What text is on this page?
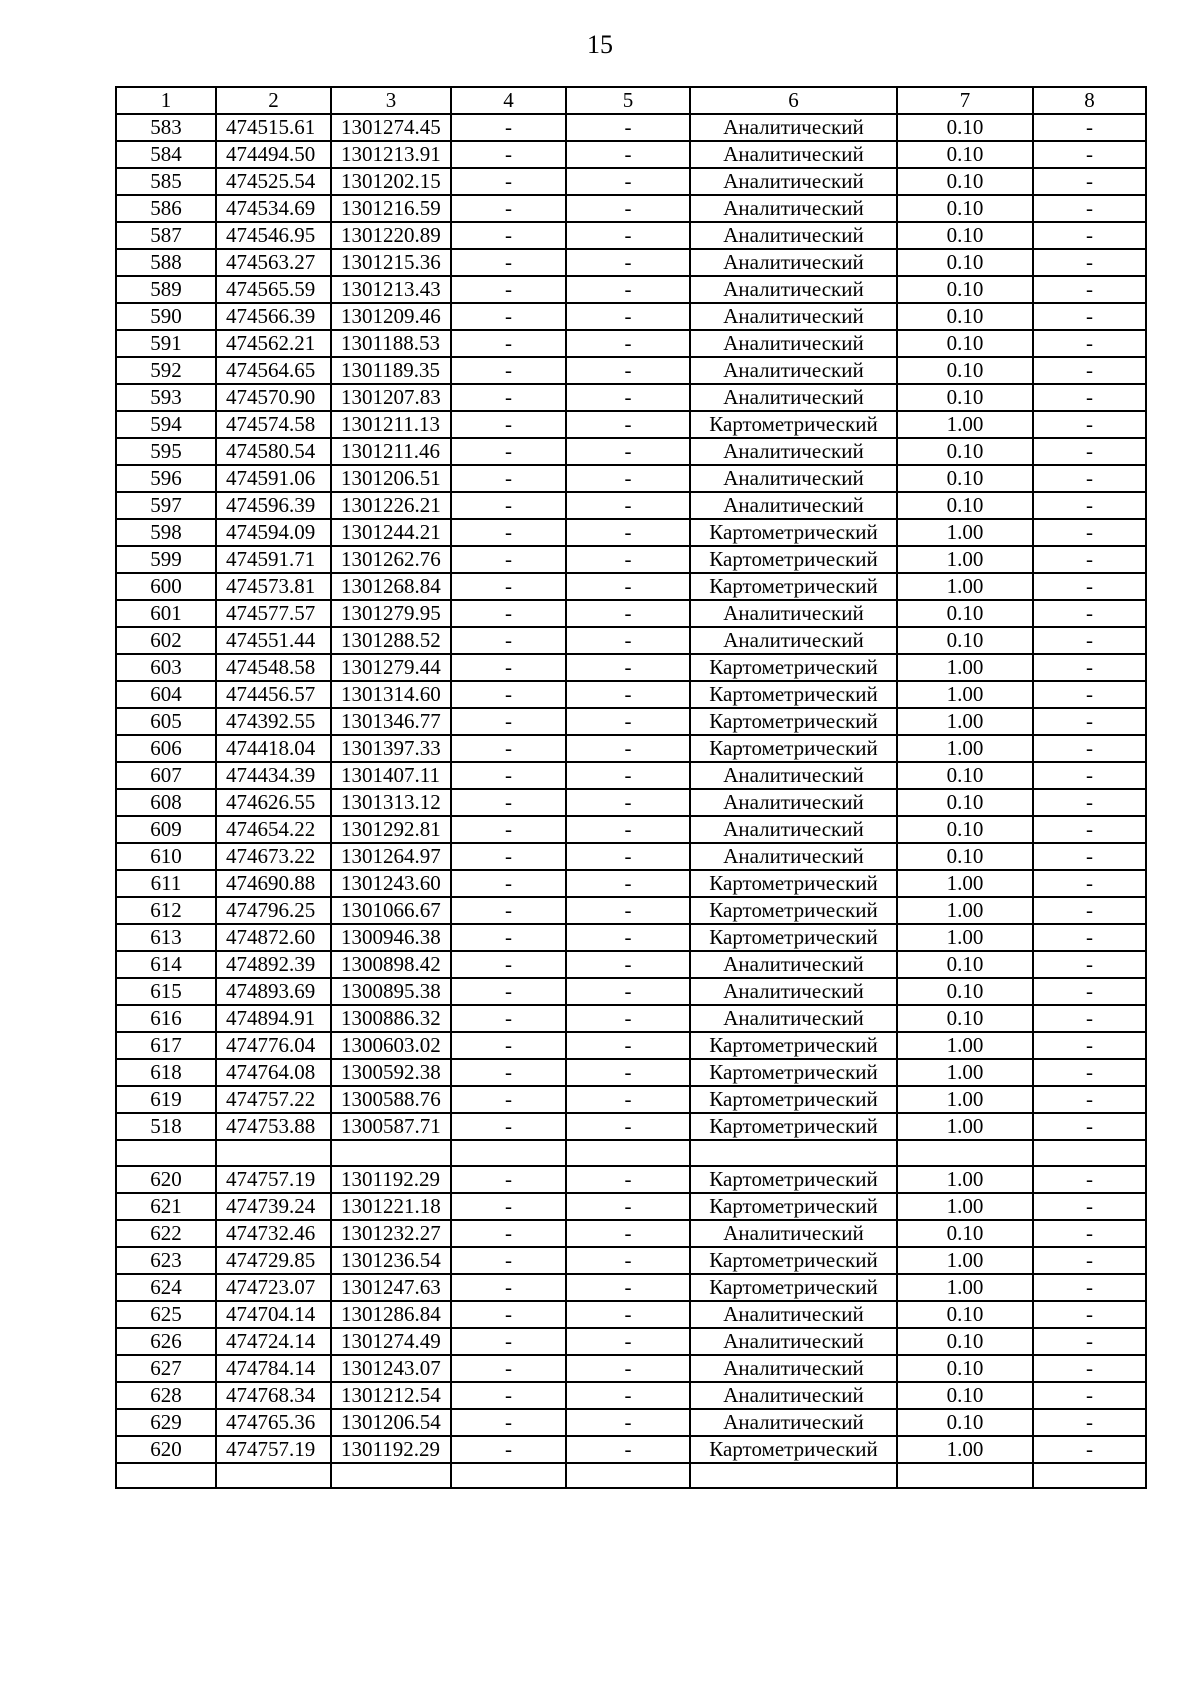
15
1	2	3	4	5	6	7	8
583	474515.61	1301274.45	-	-	Аналитический	0.10	-
584	474494.50	1301213.91	-	-	Аналитический	0.10	-
585	474525.54	1301202.15	-	-	Аналитический	0.10	-
586	474534.69	1301216.59	-	-	Аналитический	0.10	-
587	474546.95	1301220.89	-	-	Аналитический	0.10	-
588	474563.27	1301215.36	-	-	Аналитический	0.10	-
589	474565.59	1301213.43	-	-	Аналитический	0.10	-
590	474566.39	1301209.46	-	-	Аналитический	0.10	-
591	474562.21	1301188.53	-	-	Аналитический	0.10	-
592	474564.65	1301189.35	-	-	Аналитический	0.10	-
593	474570.90	1301207.83	-	-	Аналитический	0.10	-
594	474574.58	1301211.13	-	-	Картометрический	1.00	-
595	474580.54	1301211.46	-	-	Аналитический	0.10	-
596	474591.06	1301206.51	-	-	Аналитический	0.10	-
597	474596.39	1301226.21	-	-	Аналитический	0.10	-
598	474594.09	1301244.21	-	-	Картометрический	1.00	-
599	474591.71	1301262.76	-	-	Картометрический	1.00	-
600	474573.81	1301268.84	-	-	Картометрический	1.00	-
601	474577.57	1301279.95	-	-	Аналитический	0.10	-
602	474551.44	1301288.52	-	-	Аналитический	0.10	-
603	474548.58	1301279.44	-	-	Картометрический	1.00	-
604	474456.57	1301314.60	-	-	Картометрический	1.00	-
605	474392.55	1301346.77	-	-	Картометрический	1.00	-
606	474418.04	1301397.33	-	-	Картометрический	1.00	-
607	474434.39	1301407.11	-	-	Аналитический	0.10	-
608	474626.55	1301313.12	-	-	Аналитический	0.10	-
609	474654.22	1301292.81	-	-	Аналитический	0.10	-
610	474673.22	1301264.97	-	-	Аналитический	0.10	-
611	474690.88	1301243.60	-	-	Картометрический	1.00	-
612	474796.25	1301066.67	-	-	Картометрический	1.00	-
613	474872.60	1300946.38	-	-	Картометрический	1.00	-
614	474892.39	1300898.42	-	-	Аналитический	0.10	-
615	474893.69	1300895.38	-	-	Аналитический	0.10	-
616	474894.91	1300886.32	-	-	Аналитический	0.10	-
617	474776.04	1300603.02	-	-	Картометрический	1.00	-
618	474764.08	1300592.38	-	-	Картометрический	1.00	-
619	474757.22	1300588.76	-	-	Картометрический	1.00	-
518	474753.88	1300587.71	-	-	Картометрический	1.00	-

620	474757.19	1301192.29	-	-	Картометрический	1.00	-
621	474739.24	1301221.18	-	-	Картометрический	1.00	-
622	474732.46	1301232.27	-	-	Аналитический	0.10	-
623	474729.85	1301236.54	-	-	Картометрический	1.00	-
624	474723.07	1301247.63	-	-	Картометрический	1.00	-
625	474704.14	1301286.84	-	-	Аналитический	0.10	-
626	474724.14	1301274.49	-	-	Аналитический	0.10	-
627	474784.14	1301243.07	-	-	Аналитический	0.10	-
628	474768.34	1301212.54	-	-	Аналитический	0.10	-
629	474765.36	1301206.54	-	-	Аналитический	0.10	-
620	474757.19	1301192.29	-	-	Картометрический	1.00	-
